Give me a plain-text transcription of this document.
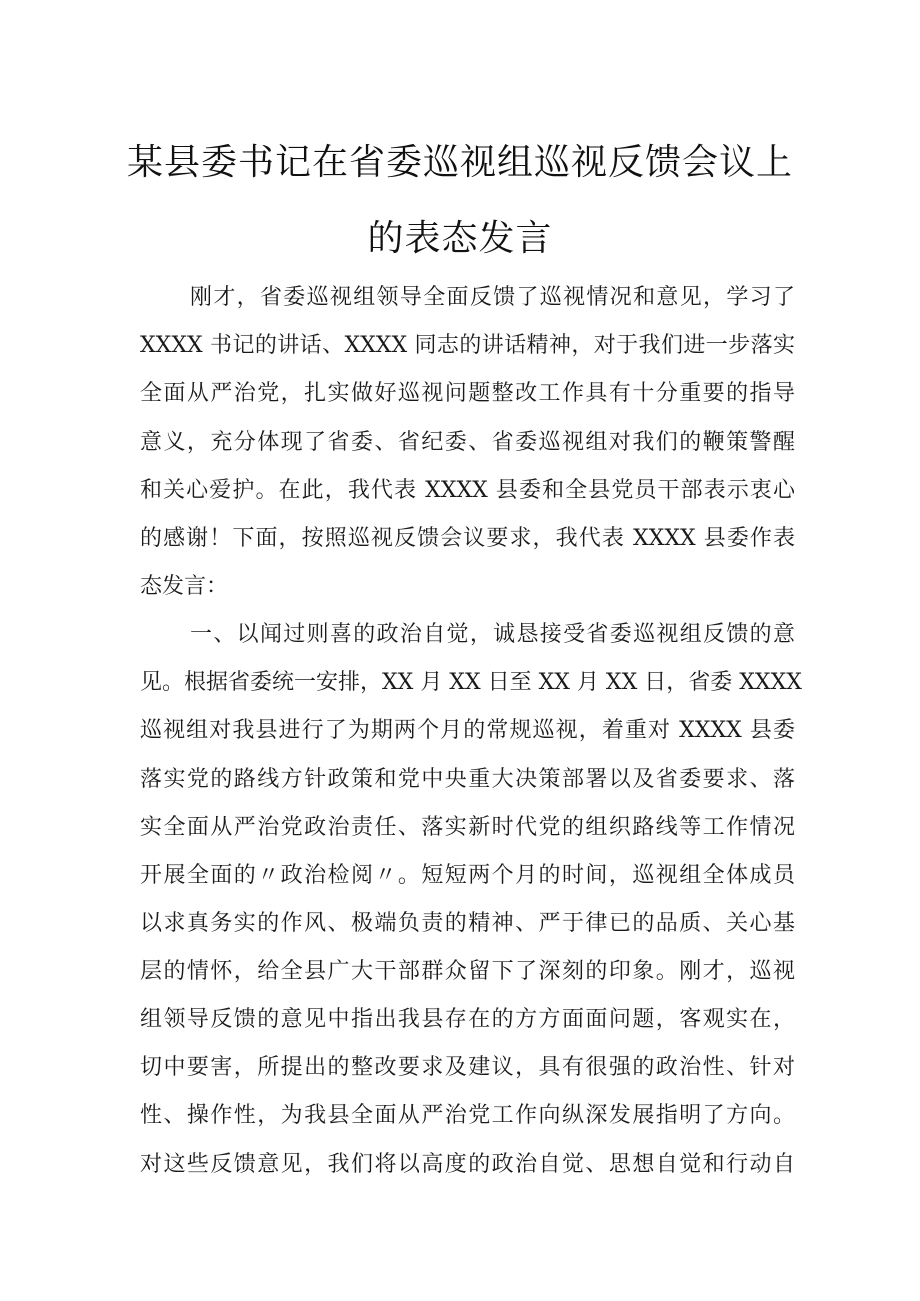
某县委书记在省委巡视组巡视反馈会议上
的表态发言
刚才，省委巡视组领导全面反馈了巡视情况和意见，学习了
XXXX 书记的讲话、XXXX 同志的讲话精神，对于我们进一步落实
全面从严治党，扎实做好巡视问题整改工作具有十分重要的指导
意义，充分体现了省委、省纪委、省委巡视组对我们的鞭策警醒
和关心爱护。在此，我代表 XXXX 县委和全县党员干部表示衷心
的感谢！下面，按照巡视反馈会议要求，我代表 XXXX 县委作表
态发言：
一、以闻过则喜的政治自觉，诚恳接受省委巡视组反馈的意
见。根据省委统一安排，XX 月 XX 日至 XX 月 XX 日，省委 XXXX
巡视组对我县进行了为期两个月的常规巡视，着重对 XXXX 县委
落实党的路线方针政策和党中央重大决策部署以及省委要求、落
实全面从严治党政治责任、落实新时代党的组织路线等工作情况
开展全面的〃政治检阅〃。短短两个月的时间，巡视组全体成员
以求真务实的作风、极端负责的精神、严于律已的品质、关心基
层的情怀，给全县广大干部群众留下了深刻的印象。刚才，巡视
组领导反馈的意见中指出我县存在的方方面面问题，客观实在，
切中要害，所提出的整改要求及建议，具有很强的政治性、针对
性、操作性，为我县全面从严治党工作向纵深发展指明了方向。
对这些反馈意见，我们将以高度的政治自觉、思想自觉和行动自
